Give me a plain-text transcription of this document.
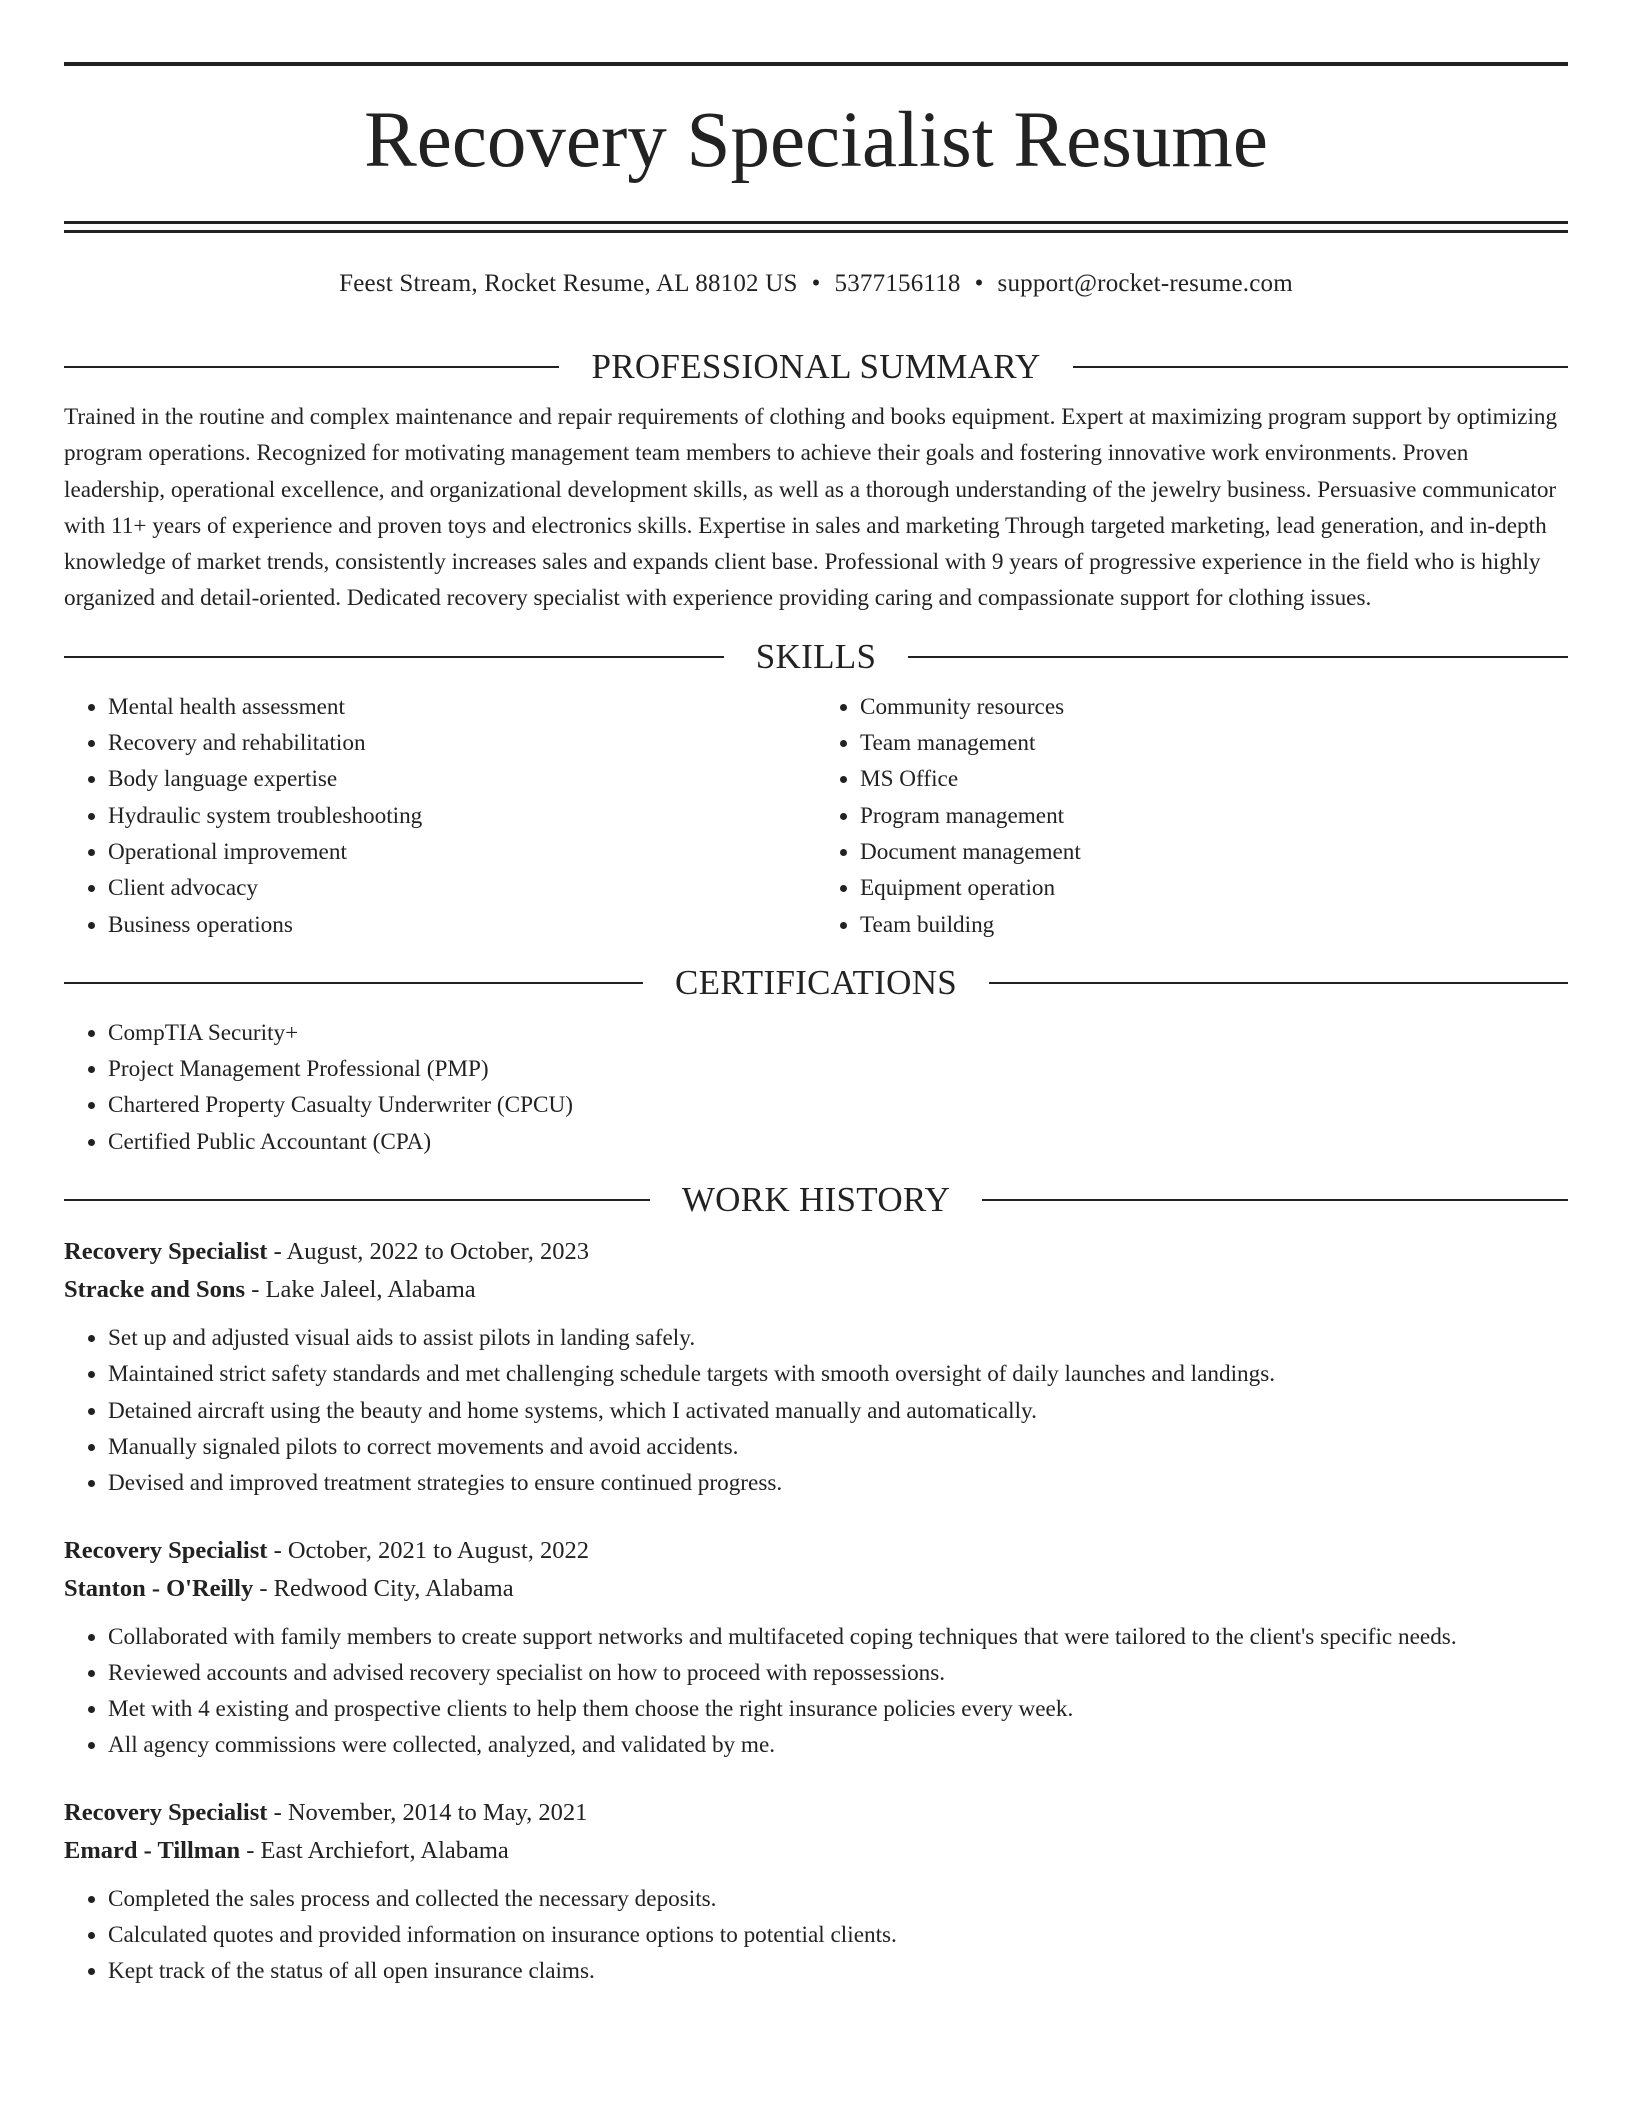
Recovery Specialist Resume
Feest Stream, Rocket Resume, AL 88102 US • 5377156118 • support@rocket-resume.com
PROFESSIONAL SUMMARY

Trained in the routine and complex maintenance and repair requirements of clothing and books equipment. Expert at maximizing program support by optimizing program operations. Recognized for motivating management team members to achieve their goals and fostering innovative work environments. Proven leadership, operational excellence, and organizational development skills, as well as a thorough understanding of the jewelry business. Persuasive communicator with 11+ years of experience and proven toys and electronics skills. Expertise in sales and marketing Through targeted marketing, lead generation, and in-depth knowledge of market trends, consistently increases sales and expands client base. Professional with 9 years of progressive experience in the field who is highly organized and detail-oriented. Dedicated recovery specialist with experience providing caring and compassionate support for clothing issues.

SKILLS
• Mental health assessment
• Recovery and rehabilitation
• Body language expertise
• Hydraulic system troubleshooting
• Operational improvement
• Client advocacy
• Business operations
• Community resources
• Team management
• MS Office
• Program management
• Document management
• Equipment operation
• Team building
CERTIFICATIONS
• CompTIA Security+
• Project Management Professional (PMP)
• Chartered Property Casualty Underwriter (CPCU)
• Certified Public Accountant (CPA)
WORK HISTORY
Recovery Specialist - August, 2022 to October, 2023
Stracke and Sons - Lake Jaleel, Alabama
• Set up and adjusted visual aids to assist pilots in landing safely.
• Maintained strict safety standards and met challenging schedule targets with smooth oversight of daily launches and landings.
• Detained aircraft using the beauty and home systems, which I activated manually and automatically.
• Manually signaled pilots to correct movements and avoid accidents.
• Devised and improved treatment strategies to ensure continued progress.
Recovery Specialist - October, 2021 to August, 2022
Stanton - O'Reilly - Redwood City, Alabama
• Collaborated with family members to create support networks and multifaceted coping techniques that were tailored to the client's specific needs.
• Reviewed accounts and advised recovery specialist on how to proceed with repossessions.
• Met with 4 existing and prospective clients to help them choose the right insurance policies every week.
• All agency commissions were collected, analyzed, and validated by me.
Recovery Specialist - November, 2014 to May, 2021
Emard - Tillman - East Archiefort, Alabama
• Completed the sales process and collected the necessary deposits.
• Calculated quotes and provided information on insurance options to potential clients.
• Kept track of the status of all open insurance claims.
